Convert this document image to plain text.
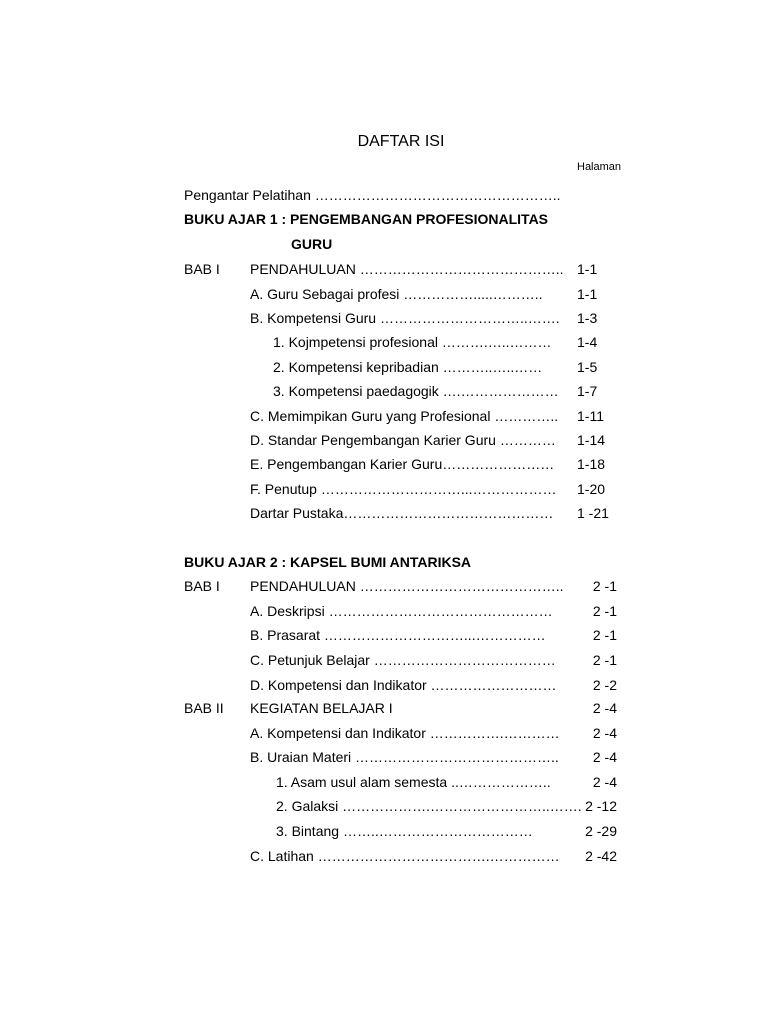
DAFTAR ISI
Halaman
Pengantar Pelatihan ……………………………………………..
BUKU AJAR 1 : PENGEMBANGAN PROFESIONALITAS
GURU
BAB I PENDAHULUAN …………………………………….. 1-1
A. Guru Sebagai profesi …………….....……….. 1-1
B. Kompetensi Guru …………………………..……. 1-3
1. Kojmpetensi profesional ……….…..……… 1-4
2. Kompetensi kepribadian ………..…..…… 1-5
3. Kompetensi paedagogik ….………………… 1-7
C. Memimpikan Guru yang Profesional ………….. 1-11
D. Standar Pengembangan Karier Guru ………… 1-14
E. Pengembangan Karier Guru…………………… 1-18
F. Penutup …………………………...……………… 1-20
Dartar Pustaka……………………………………… 1 -21
BUKU AJAR 2 : KAPSEL BUMI ANTARIKSA
BAB I PENDAHULUAN …………………………………….. 2 -1
A. Deskripsi …………………………………………	2 -1
B. Prasarat …………………………...……………	2 -1
C. Petunjuk Belajar …………………………………	2 -1
D. Kompetensi dan Indikator ………………………	2 -2
BAB II KEGIATAN BELAJAR I	2 -4
A. Kompetensi dan Indikator …………….………… 2 -4
B. Uraian Materi …………………………………….. 2 -4
1. Asam usul alam semesta ..………………..	2 -4
2. Galaksi ……………….……………………..……. 2 -12
3. Bintang ……..……………………………	2 -29
C. Latihan ……………………………….…………… 2 -42
